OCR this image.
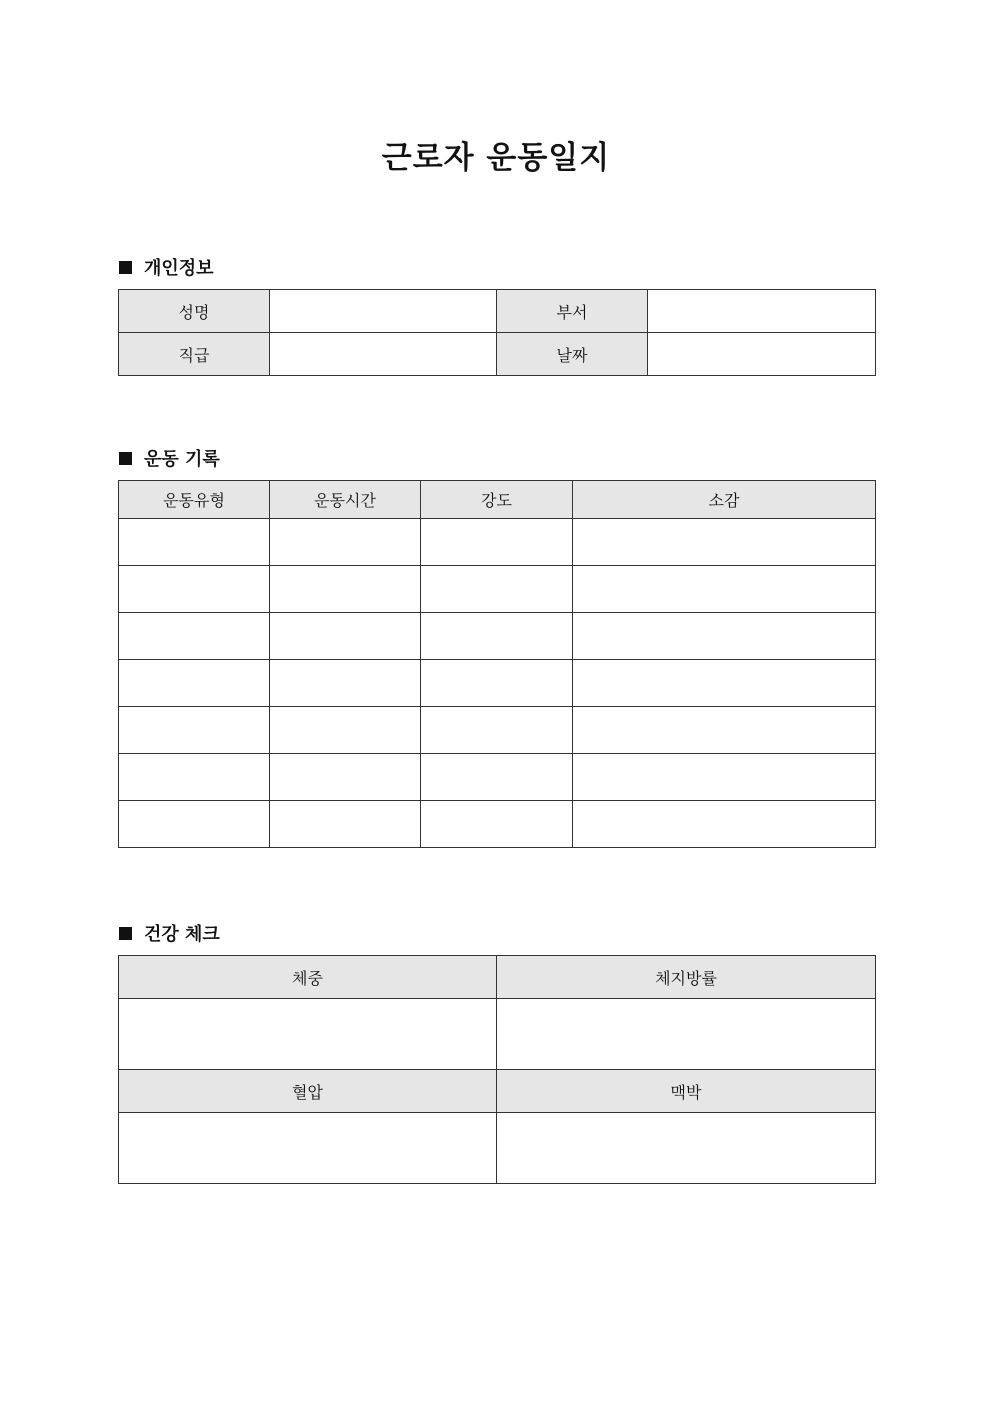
근로자 운동일지
개인정보
성명		부서	
직급		날짜	
운동 기록
운동유형	운동시간	강도	소감

건강 체크
체중	체지방률

혈압	맥박
